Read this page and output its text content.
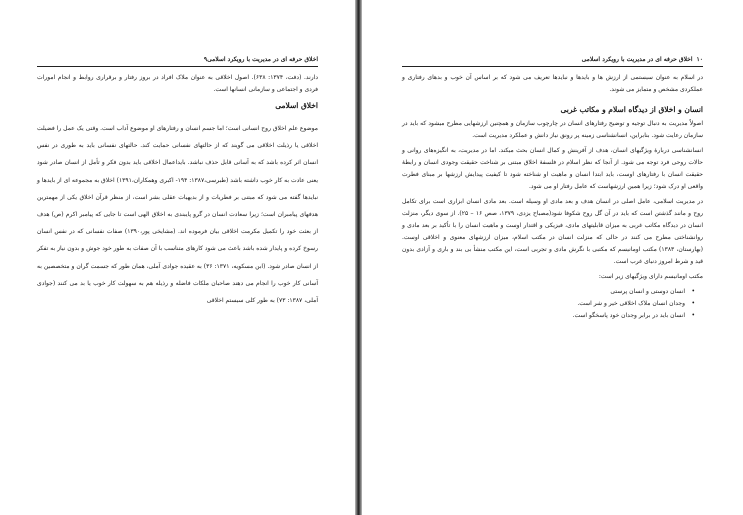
اخلاق حرفه ای در مدیریت با رویکرد اسلامی۹

دارند. (دفت، ۱۳۷۴: ۶۳۸). اصول اخلاقی به عنوان ملاک افراد در بروز رفتار و برقراری روابط و انجام امورات فردی و اجتماعی و سازمانی انسانها است.

اخلاق اسلامی

موضوع علم اخلاق روح انسانی است؛ اما جسم انسان و رفتارهای او موضوع آداب است. وقتی یک عمل را فضیلت اخلاقی یا رذیلت اخلاقی می گویند که از حالتهای نفسانی حمایت کند. حالتهای نفسانی باید به طوری در نفس انسان اثر کرده باشد که به آسانی قابل حذف نباشد. بایدا‌عمال اخلاقی باید بدون فکر و تأمل از انسان صادر شود یعنی عادت به کار خوب داشته باشد (طبرسی،۱۳۸۷: ۱۹۴- اکبری وهمکاران،۱۳۹۱) اخلاق به مجموعه ای از بایدها و نبایدها گفته می شود که مبتنی بر فطریات و از بدیهیات عقلی بشر است، از منظر قرآن اخلاق یکی از مهمترین هدفهای پیامبران است؛ زیرا سعادت انسان در گرو پایبندی به اخلاق الهی است تا جایی که پیامبر اکرم (ص) هدف از بعثت خود را تکمیل مکرمت اخلاقی بیان فرموده اند. (مشایخی پور،۱۳۹۰) صفات نفسانی که در نفس انسان رسوخ کرده و پایدار شده باشد باعث می شود کارهای متناسب با آن صفات به طور خود جوش و بدون نیاز به تفکر از انسان صادر شود. (ابن مسکویه، ۱۳۷۱: ۳۶) به عقیده جوادی آملی، همان طور که جسمت گران و متخصصین به آسانی کار خوب را انجام می دهند صاحبان ملکات فاضله و رذیله هم به سهولت کار خوب یا بد می کنند (جوادی آملی، ۱۳۸۷: ۷۳) به طور کلی سیستم اخلاقی

۱۰اخلاق حرفه ای در مدیریت با رویکرد اسلامی

در اسلام به عنوان سیستمی از ارزش ها و بایدها و نبایدها تعریف می شود که بر اساس آن خوب و بدهای رفتاری و عملکردی مشخص و متمایز می شوند.

انسان و اخلاق از دیدگاه اسلام و مکاتب غربی

اصولاً مدیریت به دنبال توجیه و توضیح رفتارهای انسان در چارچوب سازمان و همچنین ارزشهایی مطرح میشود که باید در سازمان رعایت شود. بنابراین، انسانشناسی زمینه پر رونق نیاز دانش و عملکرد مدیریت است.

انسانشناسی دربارهٔ ویژگیهای انسان، هدف از آفرینش و کمال انسان بحث میکند. اما در مدیریت، به انگیزه‌های روانی و حالات روحی فرد توجه می شود. از آنجا که نظر اسلام در فلسفهٔ اخلاق مبتنی بر شناخت حقیقت وجودی انسان و رابطهٔ حقیقت انسان با رفتارهای اوست، باید ابتدا انسان و ماهیت او شناخته شود تا کیفیت پیدایش ارزشها بر مبنای فطرت واقعی او درک شود؛ زیرا همین ارزشهاست که عامل رفتار او می شود.

در مدیریت اسلامی، عامل اصلی در انسان هدف و بعد مادی او وسیله است. بعد مادی انسان ابزاری است برای تکامل روح و مانند گذشتن است که باید در آن گل روح شکوفا شود(مصباح یزدی، ۱۳۷۹، صص ۱۶ – ۲۵). از سوی دیگر، منزلت انسان در دیدگاه مکاتب غربی به میزان قابلیتهای مادی، فیزیکی و اقتدار اوست و ماهیت انسان را با تأکید بر بعد مادی و روانشناختی مطرح می کنند در حالی که منزلت انسان در مکتب اسلام، میزان ارزشهای معنوی و اخلاقی اوست. (بهارستان، ۱۳۸۳) مکتب اومانیسم که مکتبی با نگرش مادی و تجربی است، این مکتب منشأ بی بند و باری و آزادی بدون قید و شرط امروز دنیای غرب است.

مکتب اومانیسم دارای ویژگیهای زیر است:

• انسان دوستی و انسان پرستی
• وجدان انسان ملاک اخلاقی خیر و شر است.
• انسان باید در برابر وجدان خود پاسخگو است.
